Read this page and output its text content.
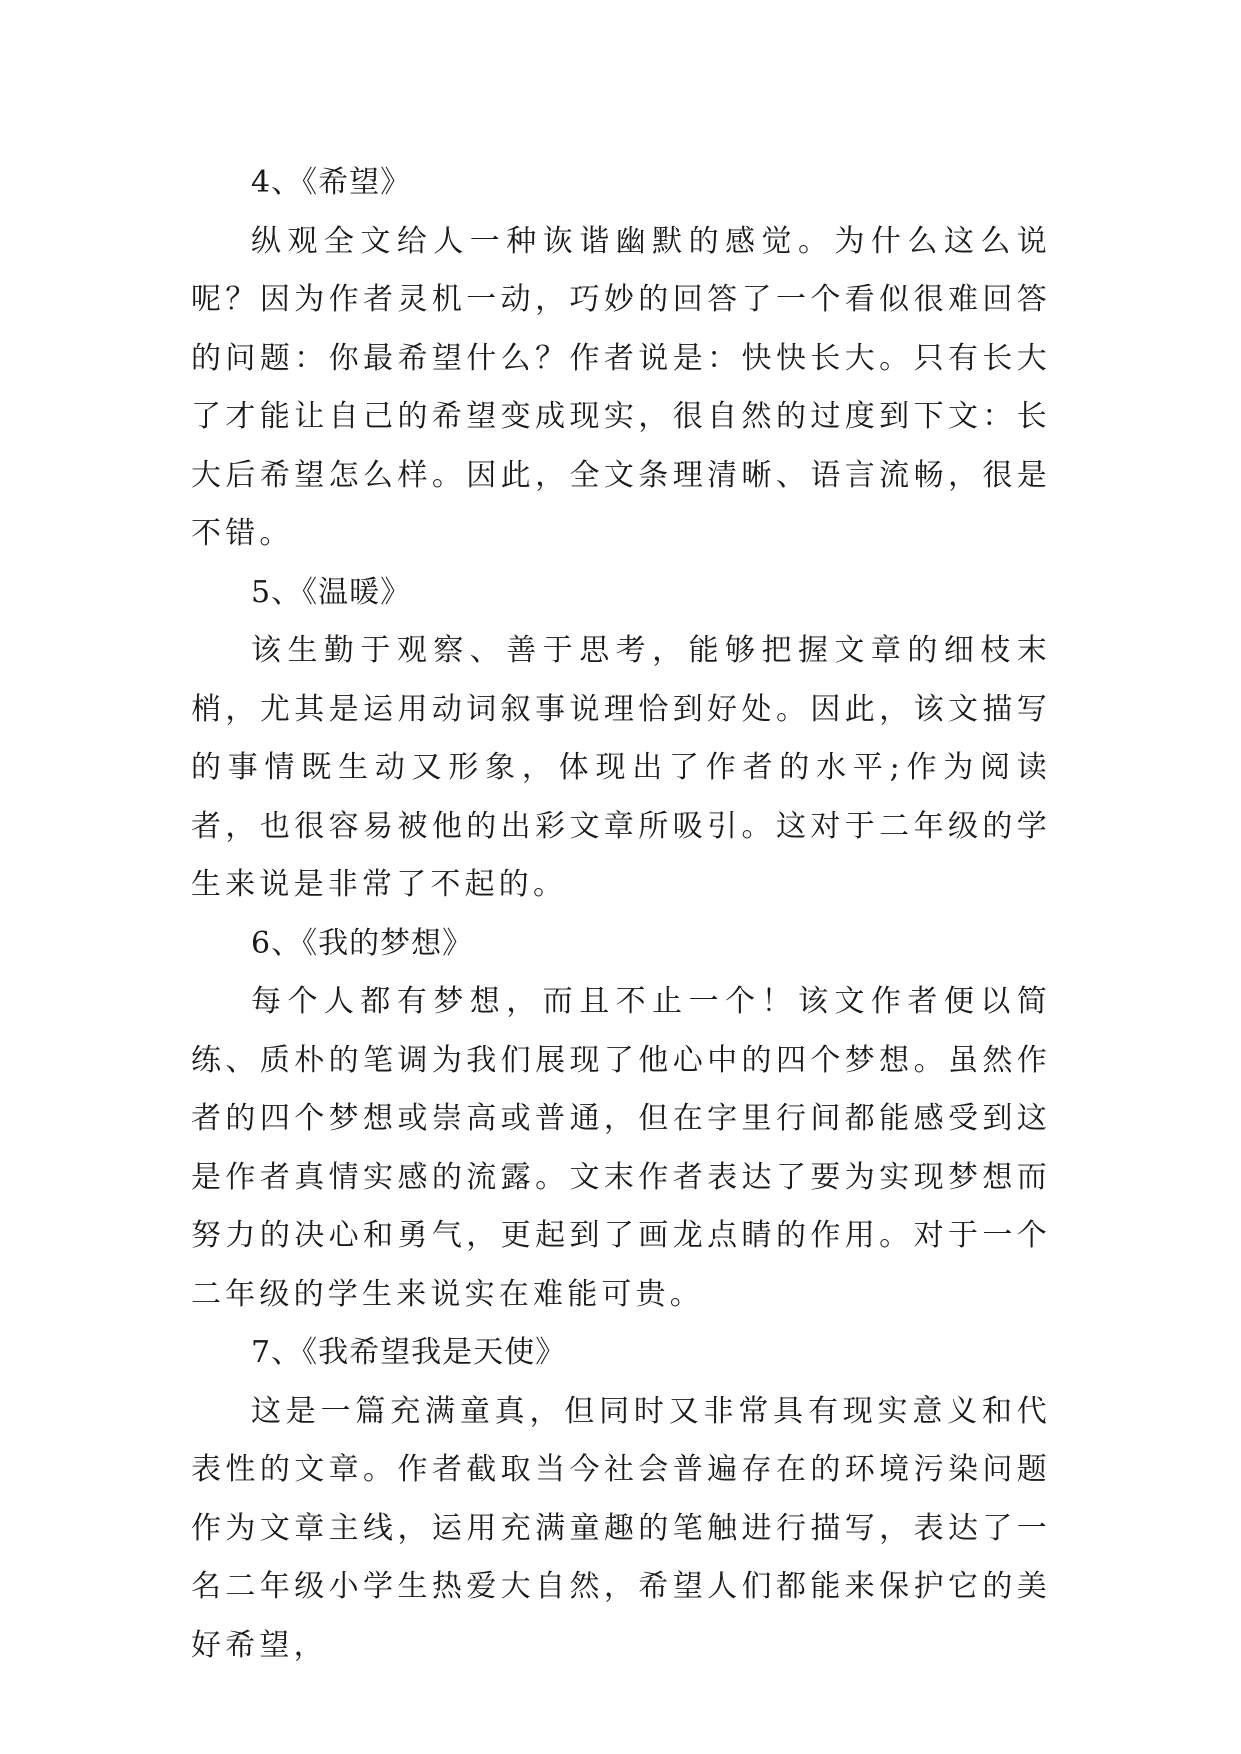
4、《希望》

纵观全文给人一种诙谐幽默的感觉。为什么这么说呢？因为作者灵机一动，巧妙的回答了一个看似很难回答的问题：你最希望什么？作者说是：快快长大。只有长大了才能让自己的希望变成现实，很自然的过度到下文：长大后希望怎么样。因此，全文条理清晰、语言流畅，很是不错。

5、《温暖》

该生勤于观察、善于思考，能够把握文章的细枝末梢，尤其是运用动词叙事说理恰到好处。因此，该文描写的事情既生动又形象，体现出了作者的水平;作为阅读者，也很容易被他的出彩文章所吸引。这对于二年级的学生来说是非常了不起的。

6、《我的梦想》

每个人都有梦想，而且不止一个！该文作者便以简练、质朴的笔调为我们展现了他心中的四个梦想。虽然作者的四个梦想或崇高或普通，但在字里行间都能感受到这是作者真情实感的流露。文末作者表达了要为实现梦想而努力的决心和勇气，更起到了画龙点睛的作用。对于一个二年级的学生来说实在难能可贵。

7、《我希望我是天使》

这是一篇充满童真，但同时又非常具有现实意义和代表性的文章。作者截取当今社会普遍存在的环境污染问题作为文章主线，运用充满童趣的笔触进行描写，表达了一名二年级小学生热爱大自然，希望人们都能来保护它的美好希望，
